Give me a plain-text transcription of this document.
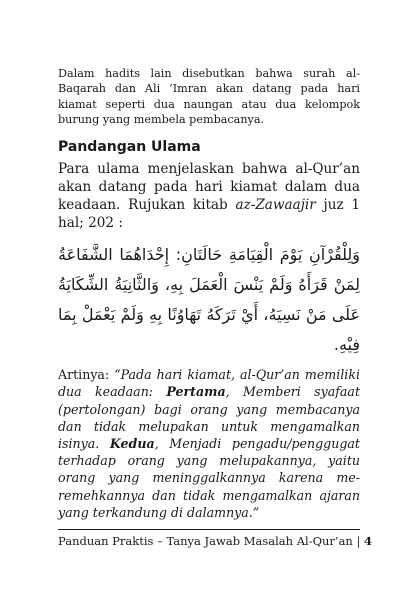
Dalam hadits lain disebutkan bahwa surah al-Baqarah dan Ali ‘Imran akan datang pada hari kiamat seperti dua naungan atau dua kelompok burung yang membela pembacanya.

Pandangan Ulama

Para ulama menjelaskan bahwa al-Qur’an akan datang pada hari kiamat dalam dua keadaan. Rujukan kitab az-Zawaajir juz 1 hal; 202 :

وَلِلْقُرْآنِ يَوْمَ الْقِيَامَةِ حَالَتَانِ: إِحْدَاهُمَا الشَّفَاعَةُ لِمَنْ قَرَأَهُ وَلَمْ يَنْسَ الْعَمَلَ بِهِ، وَالثَّانِيَةُ الشِّكَايَةُ عَلَى مَنْ نَسِيَهُ، أَيْ تَرَكَهُ تَهَاوُنًا بِهِ وَلَمْ يَعْمَلْ بِمَا فِيْهِ.

Artinya: “Pada hari kiamat, al-Qur’an memiliki dua keadaan: Pertama, Memberi syafaat (pertolongan) bagi orang yang membacanya dan tidak melupakan untuk mengamalkan isinya. Kedua, Menjadi pengadu/penggugat terhadap orang yang melupakannya, yaitu orang yang meninggalkannya karena me-remehkannya dan tidak mengamalkan ajaran yang terkandung di dalamnya.”

Panduan Praktis – Tanya Jawab Masalah Al-Qur’an | 4
